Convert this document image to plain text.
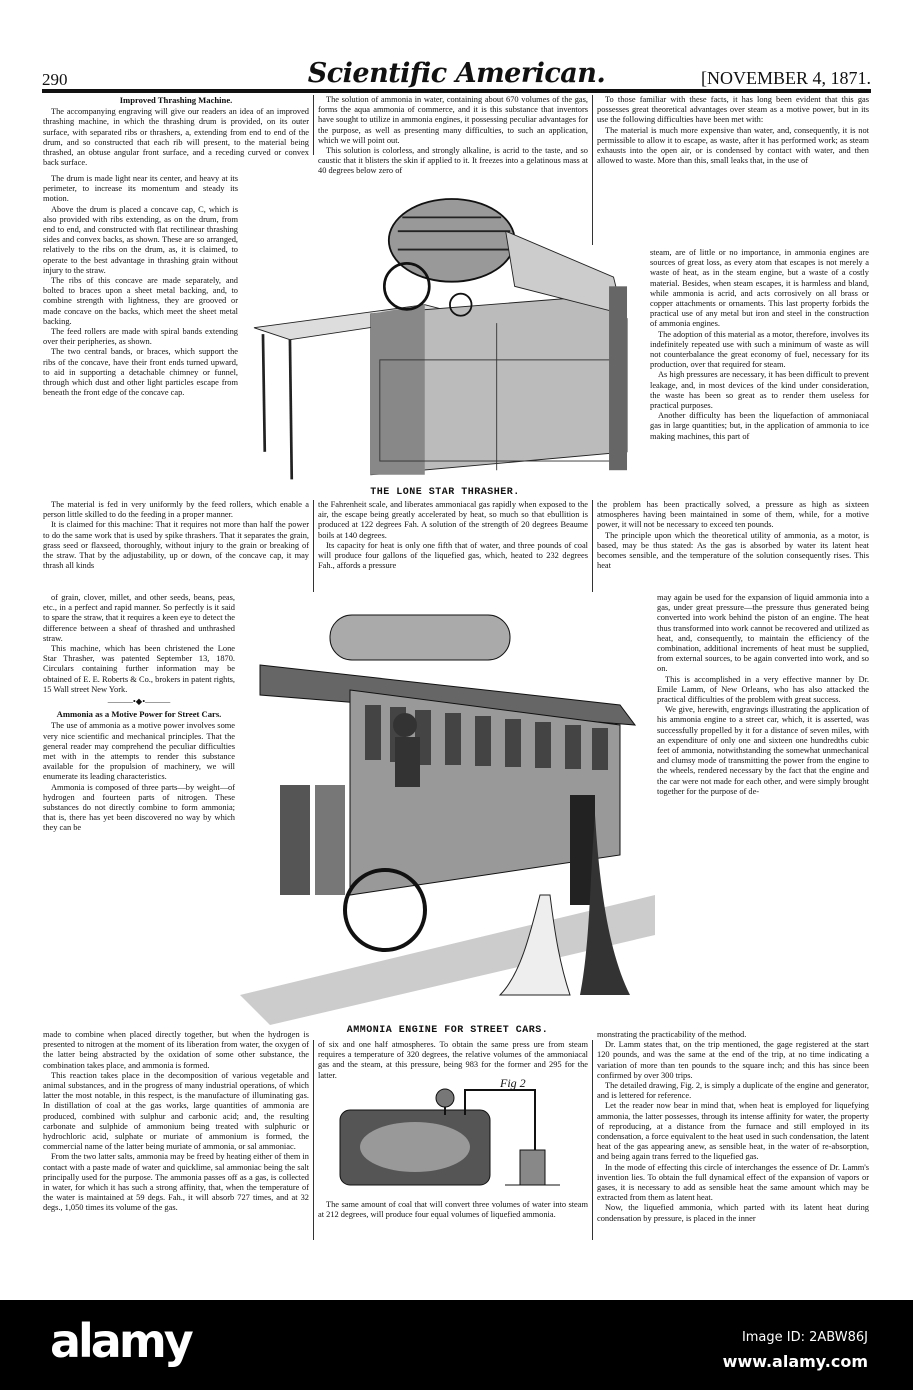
290	Scientific American.	[NOVEMBER 4, 1871.
Improved Thrashing Machine.

The accompanying engraving will give our readers an idea of an improved thrashing machine, in which the thrashing drum is provided, on its outer surface, with separated ribs or thrashers, a, extending from end to end of the drum, and so constructed that each rib will present, to the material being thrashed, an obtuse angular front surface, and a receding curved or convex back surface.

The drum is made light near its center, and heavy at its perimeter, to increase its momentum and steady its motion.

Above the drum is placed a concave cap, C, which is also provided with ribs extending, as on the drum, from end to end, and constructed with flat rectilinear thrashing sides and convex backs, as shown. These are so arranged, relatively to the ribs on the drum, as, it is claimed, to operate to the best advantage in thrashing grain without injury to the straw.

The ribs of this concave are made separately, and bolted to braces upon a sheet metal backing, and, to combine strength with lightness, they are grooved or made concave on the backs, which meet the sheet metal backing.

The feed rollers are made with spiral bands extending over their peripheries, as shown.

The two central bands, or braces, which support the ribs of the concave, have their front ends turned upward, to aid in supporting a detachable chimney or funnel, through which dust and other light particles escape from beneath the front edge of the concave cap.

The material is fed in very uniformly by the feed rollers, which enable a person little skilled to do the feeding in a proper manner.

It is claimed for this machine: That it requires not more than half the power to do the same work that is used by spike thrashers. That it separates the grain, grass seed or flaxseed, thoroughly, without injury to the grain or breaking of the straw. That by the adjustability, up or down, of the concave cap, it may thrash all kinds

of grain, clover, millet, and other seeds, beans, peas, etc., in a perfect and rapid manner. So perfectly is it said to spare the straw, that it requires a keen eye to detect the difference between a sheaf of thrashed and unthrashed straw.

This machine, which has been christened the Lone Star Thrasher, was patented September 13, 1870. Circulars containing further information may be obtained of E. E. Roberts & Co., brokers in patent rights, 15 Wall street New York.

———•◆•———
Ammonia as a Motive Power for Street Cars.

The use of ammonia as a motive power involves some very nice scientific and mechanical principles. That the general reader may comprehend the peculiar difficulties met with in the attempts to render this substance available for the propulsion of machinery, we will enumerate its leading characteristics.

Ammonia is composed of three parts—by weight—of hydrogen and fourteen parts of nitrogen. These substances do not directly combine to form ammonia; that is, there has yet been discovered no way by which they can be

made to combine when placed directly together, but when the hydrogen is presented to nitrogen at the moment of its liberation from water, the oxygen of the latter being abstracted by the oxidation of some other substance, the combination takes place, and ammonia is formed.

This reaction takes place in the decomposition of various vegetable and animal substances, and in the progress of many industrial operations, of which latter the most notable, in this respect, is the manufacture of illuminating gas. In distillation of coal at the gas works, large quantities of ammonia are produced, combined with sulphur and carbonic acid; and, the resulting carbonate and sulphide of ammonium being treated with sulphuric or hydrochloric acid, sulphate or muriate of ammonium is formed, the commercial name of the latter being muriate of ammonia, or sal ammoniac.

From the two latter salts, ammonia may be freed by heating either of them in contact with a paste made of water and quicklime, sal ammoniac being the salt principally used for the purpose. The ammonia passes off as a gas, is collected in water, for which it has such a strong affinity, that, when the temperature of the water is maintained at 59 degs. Fah., it will absorb 727 times, and at 32 degs., 1,050 times its volume of the gas.

The solution of ammonia in water, containing about 670 volumes of the gas, forms the aqua ammonia of commerce, and it is this substance that inventors have sought to utilize in ammonia engines, it possessing peculiar advantages for the purpose, as well as presenting many difficulties, to such an application, which we will point out.

This solution is colorless, and strongly alkaline, is acrid to the taste, and so caustic that it blisters the skin if applied to it. It freezes into a gelatinous mass at 40 degrees below zero of

the Fahrenheit scale, and liberates ammoniacal gas rapidly when exposed to the air, the escape being greatly accelerated by heat, so much so that ebullition is produced at 122 degrees Fah. A solution of the strength of 20 degrees Beaume boils at 140 degrees.

Its capacity for heat is only one fifth that of water, and three pounds of coal will produce four gallons of the liquefied gas, which, heated to 232 degrees Fah., affords a pressure

of six and one half atmospheres. To obtain the same press ure from steam requires a temperature of 320 degrees, the relative volumes of the ammoniacal gas and the steam, at this pressure, being 983 for the former and 295 for the latter.

The same amount of coal that will convert three volumes of water into steam at 212 degrees, will produce four equal volumes of liquefied ammonia.

To those familiar with these facts, it has long been evident that this gas possesses great theoretical advantages over steam as a motive power, but in its use the following difficulties have been met with:

The material is much more expensive than water, and, consequently, it is not permissible to allow it to escape, as waste, after it has performed work; as steam exhausts into the open air, or is condensed by contact with water, and then allowed to waste. More than this, small leaks that, in the use of

steam, are of little or no importance, in ammonia engines are sources of great loss, as every atom that escapes is not merely a waste of heat, as in the steam engine, but a waste of a costly material. Besides, when steam escapes, it is harmless and bland, while ammonia is acrid, and acts corrosively on all brass or copper attachments or ornaments. This last property forbids the practical use of any metal but iron and steel in the construction of ammonia engines.

The adoption of this material as a motor, therefore, involves its indefinitely repeated use with such a minimum of waste as will not counterbalance the great economy of fuel, necessary for its production, over that required for steam.

As high pressures are necessary, it has been difficult to prevent leakage, and, in most devices of the kind under consideration, the waste has been so great as to render them useless for practical purposes.

Another difficulty has been the liquefaction of ammoniacal gas in large quantities; but, in the application of ammonia to ice making machines, this part of

the problem has been practically solved, a pressure as high as sixteen atmospheres having been maintained in some of them, while, for a motive power, it will not be necessary to exceed ten pounds.

The principle upon which the theoretical utility of ammonia, as a motor, is based, may be thus stated: As the gas is absorbed by water its latent heat becomes sensible, and the temperature of the solution consequently rises. This heat

may again be used for the expansion of liquid ammonia into a gas, under great pressure—the pressure thus generated being converted into work behind the piston of an engine. The heat thus transformed into work cannot be recovered and utilized as heat, and, consequently, to maintain the efficiency of the combination, additional increments of heat must be supplied, from external sources, to be again converted into work, and so on.

This is accomplished in a very effective manner by Dr. Emile Lamm, of New Orleans, who has also attacked the practical difficulties of the problem with great success.

We give, herewith, engravings illustrating the application of his ammonia engine to a street car, which, it is asserted, was successfully propelled by it for a distance of seven miles, with an expenditure of only one and sixteen one hundredths cubic feet of ammonia, notwithstanding the somewhat unmechanical and clumsy mode of transmitting the power from the engine to the wheels, rendered necessary by the fact that the engine and the car were not made for each other, and were simply brought together for the purpose of de-

monstrating the practicability of the method.

Dr. Lamm states that, on the trip mentioned, the gage registered at the start 120 pounds, and was the same at the end of the trip, at no time indicating a variation of more than ten pounds to the square inch; and this has since been confirmed by over 300 trips.

The detailed drawing, Fig. 2, is simply a duplicate of the engine and generator, and is lettered for reference.

Let the reader now bear in mind that, when heat is employed for liquefying ammonia, the latter possesses, through its intense affinity for water, the property of reproducing, at a distance from the furnace and still employed in its condensation, a force equivalent to the heat used in such condensation, the latent heat of the gas appearing anew, as sensible heat, in the water of re-absorption, and being again trans ferred to the liquefied gas.

In the mode of effecting this circle of interchanges the essence of Dr. Lamm's invention lies. To obtain the full dynamical effect of the expansion of vapors or gases, it is necessary to add as sensible heat the same amount which may be extracted from them as latent heat.

Now, the liquefied ammonia, which parted with its latent heat during condensation by pressure, is placed in the inner

THE LONE STAR THRASHER.
AMMONIA ENGINE FOR STREET CARS.
Fig 2
alamy	Image ID: 2ABW86J
www.alamy.com
